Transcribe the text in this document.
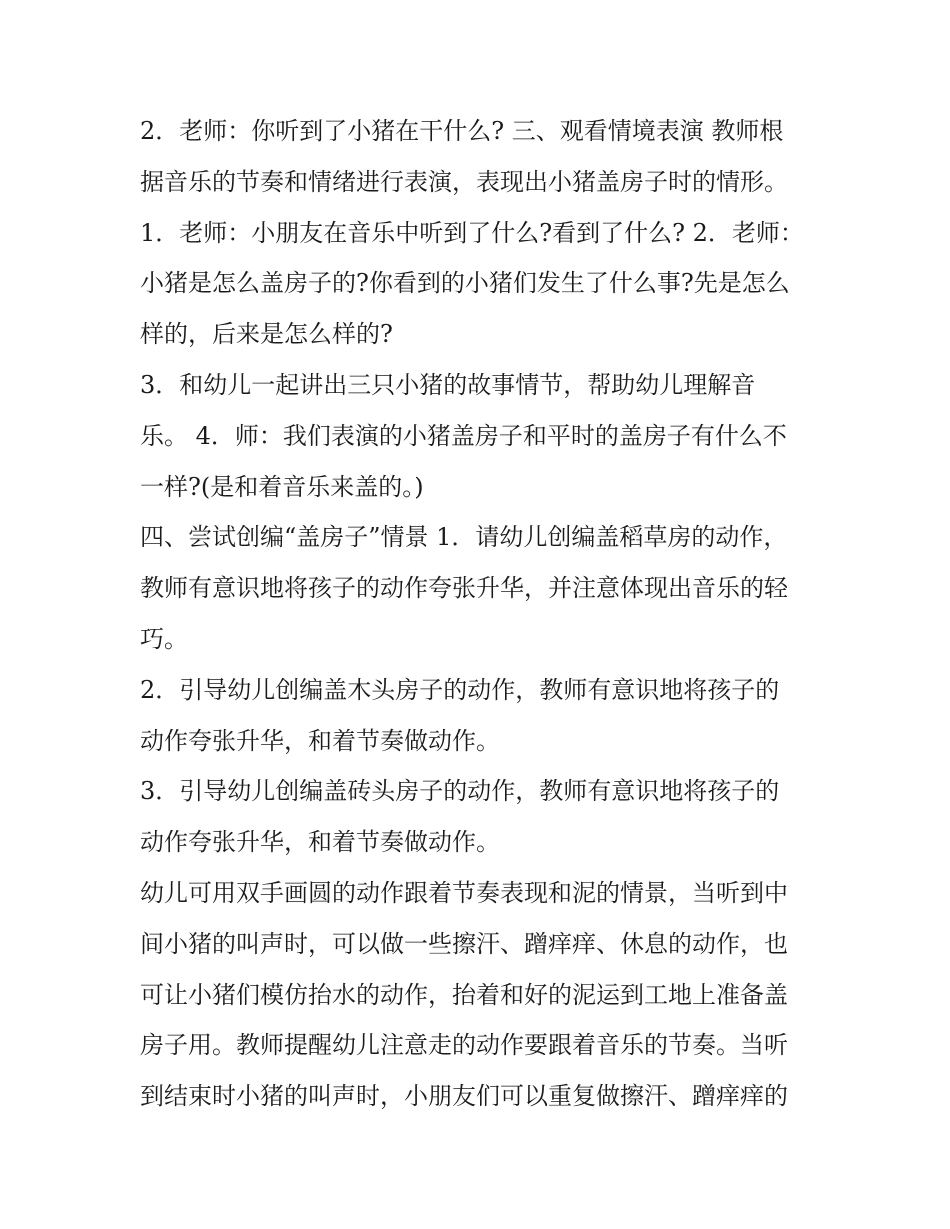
2．老师：你听到了小猪在干什么? 三、观看情境表演 教师根

据音乐的节奏和情绪进行表演，表现出小猪盖房子时的情形。

1．老师：小朋友在音乐中听到了什么?看到了什么? 2．老师：

小猪是怎么盖房子的?你看到的小猪们发生了什么事?先是怎么

样的，后来是怎么样的?

3．和幼儿一起讲出三只小猪的故事情节，帮助幼儿理解音

乐。 4．师：我们表演的小猪盖房子和平时的盖房子有什么不

一样?(是和着音乐来盖的。)

四、尝试创编“盖房子”情景 1．请幼儿创编盖稻草房的动作，

教师有意识地将孩子的动作夸张升华，并注意体现出音乐的轻

巧。

2．引导幼儿创编盖木头房子的动作，教师有意识地将孩子的

动作夸张升华，和着节奏做动作。

3．引导幼儿创编盖砖头房子的动作，教师有意识地将孩子的

动作夸张升华，和着节奏做动作。

幼儿可用双手画圆的动作跟着节奏表现和泥的情景，当听到中

间小猪的叫声时，可以做一些擦汗、蹭痒痒、休息的动作，也

可让小猪们模仿抬水的动作，抬着和好的泥运到工地上准备盖

房子用。教师提醒幼儿注意走的动作要跟着音乐的节奏。当听

到结束时小猪的叫声时，小朋友们可以重复做擦汗、蹭痒痒的
